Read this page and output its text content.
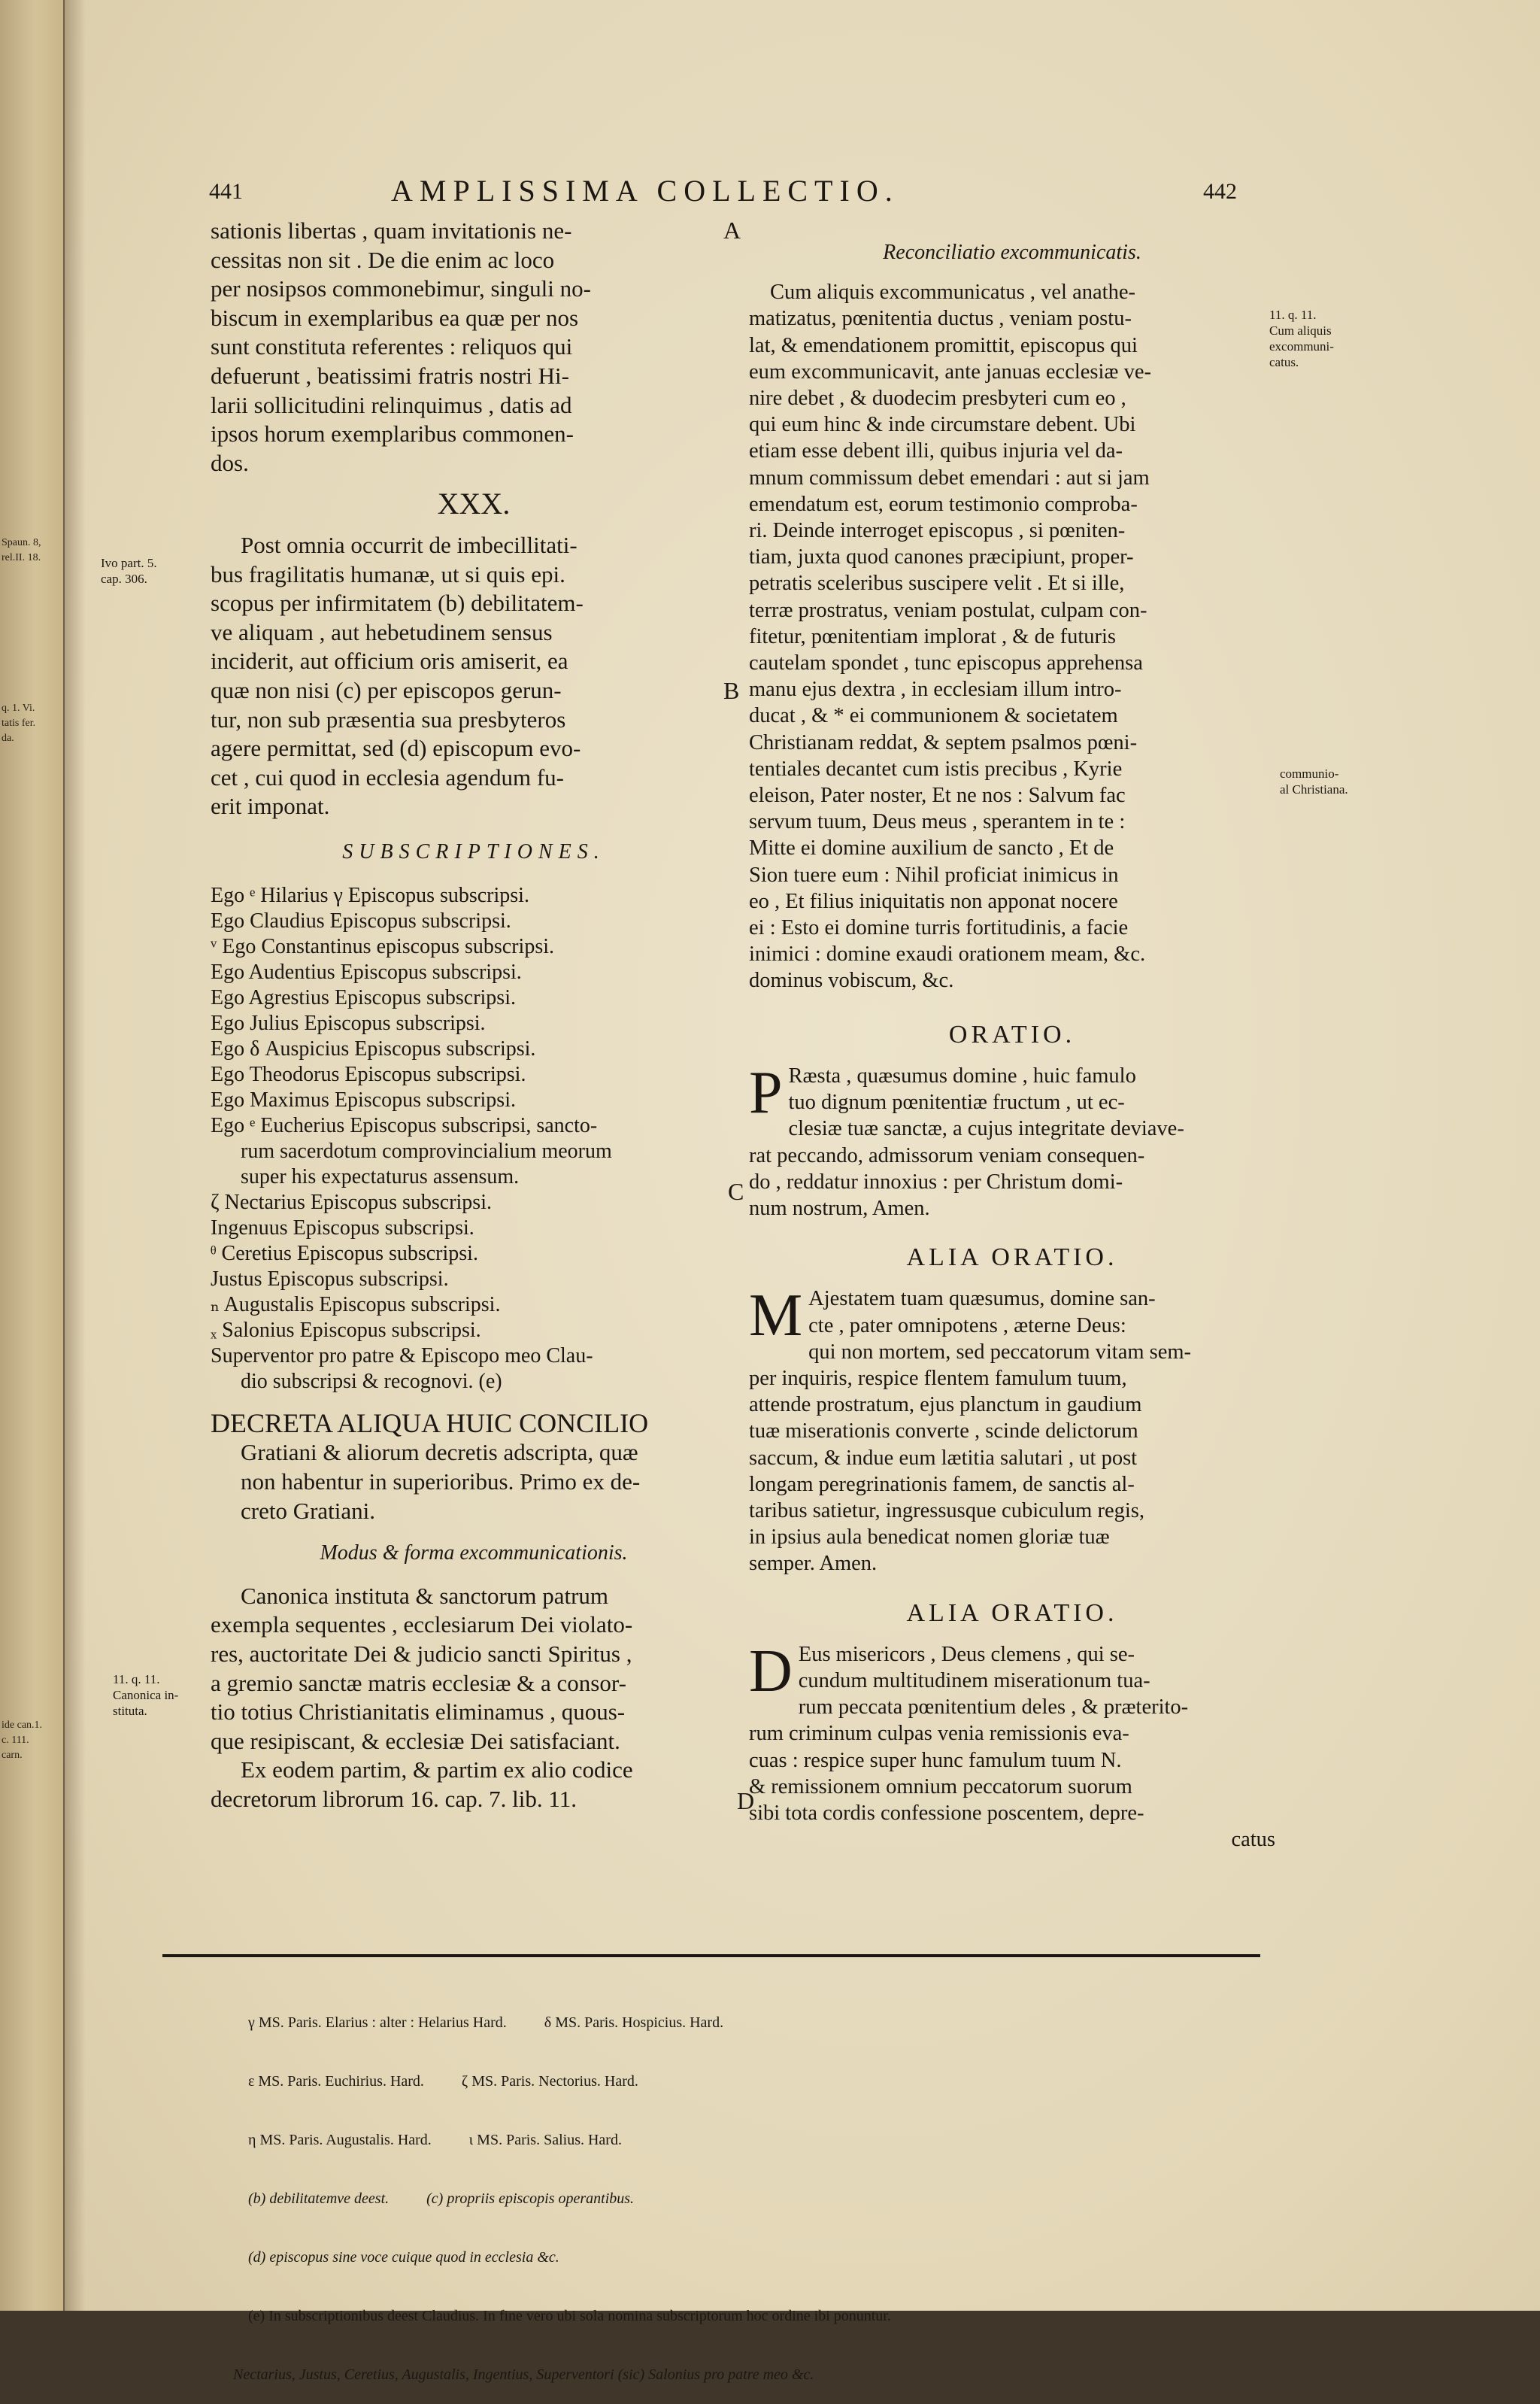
Spaun. 8,
rel.II. 18.
q. 1. Vi.
tatis fer.
da.
ide can.1.
c. 111.
carn.
441	AMPLISSIMA COLLECTIO.	442
A
B
C
D
Ivo part. 5.
cap. 306.
11. q. 11.
Canonica in-
stituta.
11. q. 11.
Cum aliquis
excommuni-
catus.
communio-
al Christiana.
sationis libertas , quam invitationis ne-
cessitas non sit . De die enim ac loco
per nosipsos commonebimur, singuli no-
biscum in exemplaribus ea quæ per nos
sunt constituta referentes : reliquos qui
defuerunt , beatissimi fratris nostri Hi-
larii sollicitudini relinquimus , datis ad
ipsos horum exemplaribus commonen-
dos.
XXX.
Post omnia occurrit de imbecillitati-
bus fragilitatis humanæ, ut si quis epi.
scopus per infirmitatem (b) debilitatem-
ve aliquam , aut hebetudinem sensus
inciderit, aut officium oris amiserit, ea
quæ non nisi (c) per episcopos gerun-
tur, non sub præsentia sua presbyteros
agere permittat, sed (d) episcopum evo-
cet , cui quod in ecclesia agendum fu-
erit imponat.
SUBSCRIPTIONES.
Ego ᵉ Hilarius γ Episcopus subscripsi.
Ego Claudius Episcopus subscripsi.
ᵛ Ego Constantinus episcopus subscripsi.
Ego Audentius Episcopus subscripsi.
Ego Agrestius Episcopus subscripsi.
Ego Julius Episcopus subscripsi.
Ego δ Auspicius Episcopus subscripsi.
Ego Theodorus Episcopus subscripsi.
Ego Maximus Episcopus subscripsi.
Ego ᵉ Eucherius Episcopus subscripsi, sancto-
rum sacerdotum comprovincialium meorum
super his expectaturus assensum.
ζ Nectarius Episcopus subscripsi.
Ingenuus Episcopus subscripsi.
ᶿ Ceretius Episcopus subscripsi.
Justus Episcopus subscripsi.
ₙ Augustalis Episcopus subscripsi.
ₓ Salonius Episcopus subscripsi.
Superventor pro patre & Episcopo meo Clau-
dio subscripsi & recognovi. (e)
DECRETA ALIQUA HUIC CONCILIO
Gratiani & aliorum decretis adscripta, quæ
non habentur in superioribus. Primo ex de-
creto Gratiani.
Modus & forma excommunicationis.
Canonica instituta & sanctorum patrum
exempla sequentes , ecclesiarum Dei violato-
res, auctoritate Dei & judicio sancti Spiritus ,
a gremio sanctæ matris ecclesiæ & a consor-
tio totius Christianitatis eliminamus , quous-
que resipiscant, & ecclesiæ Dei satisfaciant.
Ex eodem partim, & partim ex alio codice
decretorum librorum 16. cap. 7. lib. 11.
Reconciliatio excommunicatis.
Cum aliquis excommunicatus , vel anathe-
matizatus, pœnitentia ductus , veniam postu-
lat, & emendationem promittit, episcopus qui
eum excommunicavit, ante januas ecclesiæ ve-
nire debet , & duodecim presbyteri cum eo ,
qui eum hinc & inde circumstare debent. Ubi
etiam esse debent illi, quibus injuria vel da-
mnum commissum debet emendari : aut si jam
emendatum est, eorum testimonio comproba-
ri. Deinde interroget episcopus , si pœniten-
tiam, juxta quod canones præcipiunt, proper-
petratis sceleribus suscipere velit . Et si ille,
terræ prostratus, veniam postulat, culpam con-
fitetur, pœnitentiam implorat , & de futuris
cautelam spondet , tunc episcopus apprehensa
manu ejus dextra , in ecclesiam illum intro-
ducat , & * ei communionem & societatem
Christianam reddat, & septem psalmos pœni-
tentiales decantet cum istis precibus , Kyrie
eleison, Pater noster, Et ne nos : Salvum fac
servum tuum, Deus meus , sperantem in te :
Mitte ei domine auxilium de sancto , Et de
Sion tuere eum : Nihil proficiat inimicus in
eo , Et filius iniquitatis non apponat nocere
ei : Esto ei domine turris fortitudinis, a facie
inimici : domine exaudi orationem meam, &c.
dominus vobiscum, &c.
ORATIO.
P Ræsta , quæsumus domine , huic famulo
tuo dignum pœnitentiæ fructum , ut ec-
clesiæ tuæ sanctæ, a cujus integritate deviave-
rat peccando, admissorum veniam consequen-
do , reddatur innoxius : per Christum domi-
num nostrum, Amen.
ALIA ORATIO.
M Ajestatem tuam quæsumus, domine san-
cte , pater omnipotens , æterne Deus:
qui non mortem, sed peccatorum vitam sem-
per inquiris, respice flentem famulum tuum,
attende prostratum, ejus planctum in gaudium
tuæ miserationis converte , scinde delictorum
saccum, & indue eum lætitia salutari , ut post
longam peregrinationis famem, de sanctis al-
taribus satietur, ingressusque cubiculum regis,
in ipsius aula benedicat nomen gloriæ tuæ
semper. Amen.
ALIA ORATIO.
D Eus misericors , Deus clemens , qui se-
cundum multitudinem miserationum tua-
rum peccata pœnitentium deles , & præterito-
rum criminum culpas venia remissionis eva-
cuas : respice super hunc famulum tuum N.
& remissionem omnium peccatorum suorum
sibi tota cordis confessione poscentem, depre-
catus

γ MS. Paris. Elarius : alter : Helarius Hard.          δ MS. Paris. Hospicius. Hard.

ε MS. Paris. Euchirius. Hard.          ζ MS. Paris. Nectorius. Hard.

η MS. Paris. Augustalis. Hard.          ι MS. Paris. Salius. Hard.

(b) debilitatemve deest.          (c) propriis episcopis operantibus.

(d) episcopus sine voce cuique quod in ecclesia &c.

(e) In subscriptionibus deest Claudius. In fine vero ubi sola nomina subscriptorum hoc ordine ibi ponuntur.

Nectarius, Justus, Ceretius, Augustalis, Ingentius, Superventori (sic) Salonius pro patre meo &c.
